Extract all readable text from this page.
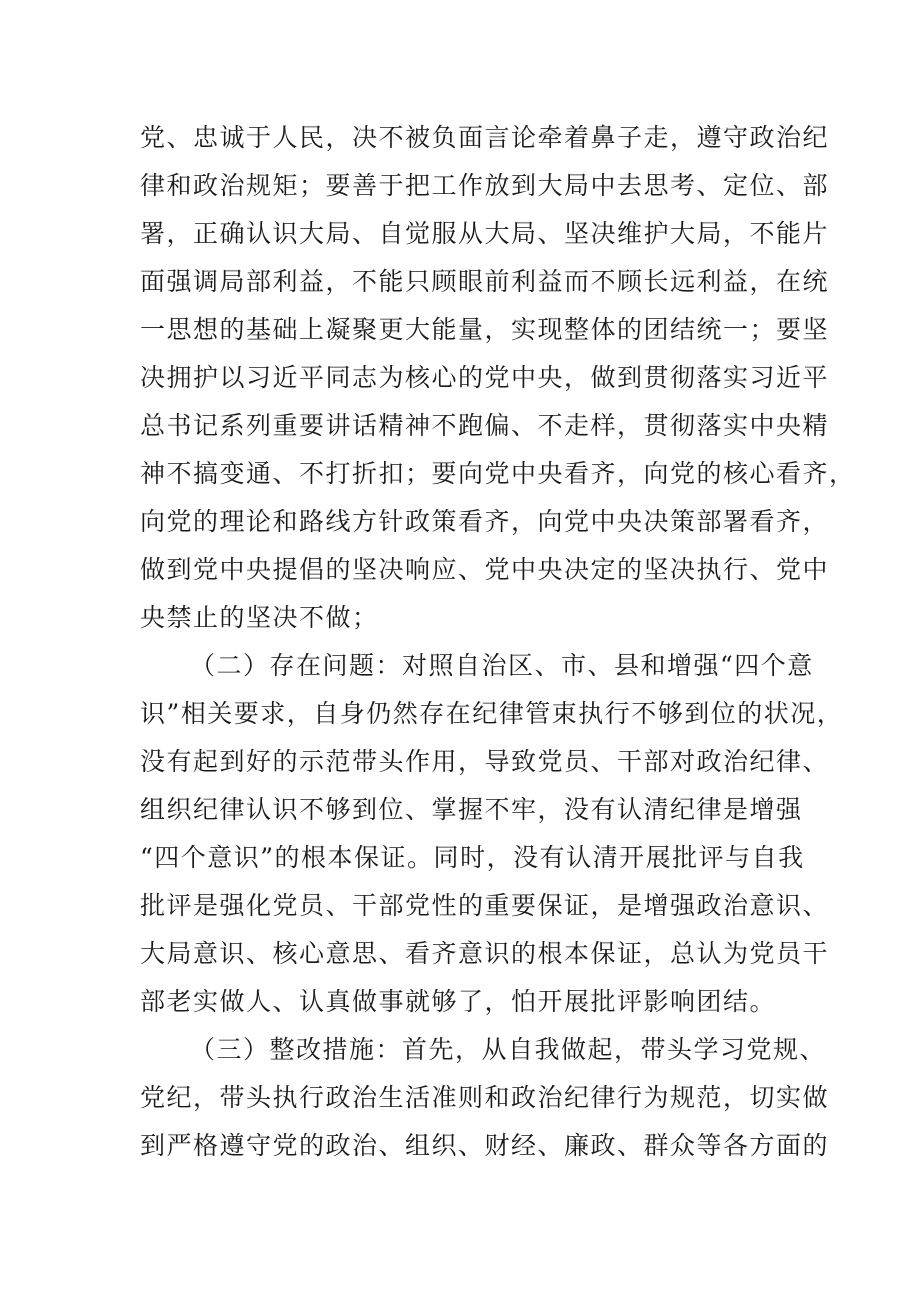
党、忠诚于人民，决不被负面言论牵着鼻子走，遵守政治纪
律和政治规矩；要善于把工作放到大局中去思考、定位、部
署，正确认识大局、自觉服从大局、坚决维护大局，不能片
面强调局部利益，不能只顾眼前利益而不顾长远利益，在统
一思想的基础上凝聚更大能量，实现整体的团结统一；要坚
决拥护以习近平同志为核心的党中央，做到贯彻落实习近平
总书记系列重要讲话精神不跑偏、不走样，贯彻落实中央精
神不搞变通、不打折扣；要向党中央看齐，向党的核心看齐，
向党的理论和路线方针政策看齐，向党中央决策部署看齐，
做到党中央提倡的坚决响应、党中央决定的坚决执行、党中
央禁止的坚决不做；
（二）存在问题：对照自治区、市、县和增强“四个意
识”相关要求，自身仍然存在纪律管束执行不够到位的状况，
没有起到好的示范带头作用，导致党员、干部对政治纪律、
组织纪律认识不够到位、掌握不牢，没有认清纪律是增强
“四个意识”的根本保证。同时，没有认清开展批评与自我
批评是强化党员、干部党性的重要保证，是增强政治意识、
大局意识、核心意思、看齐意识的根本保证，总认为党员干
部老实做人、认真做事就够了，怕开展批评影响团结。
（三）整改措施：首先，从自我做起，带头学习党规、
党纪，带头执行政治生活准则和政治纪律行为规范，切实做
到严格遵守党的政治、组织、财经、廉政、群众等各方面的
